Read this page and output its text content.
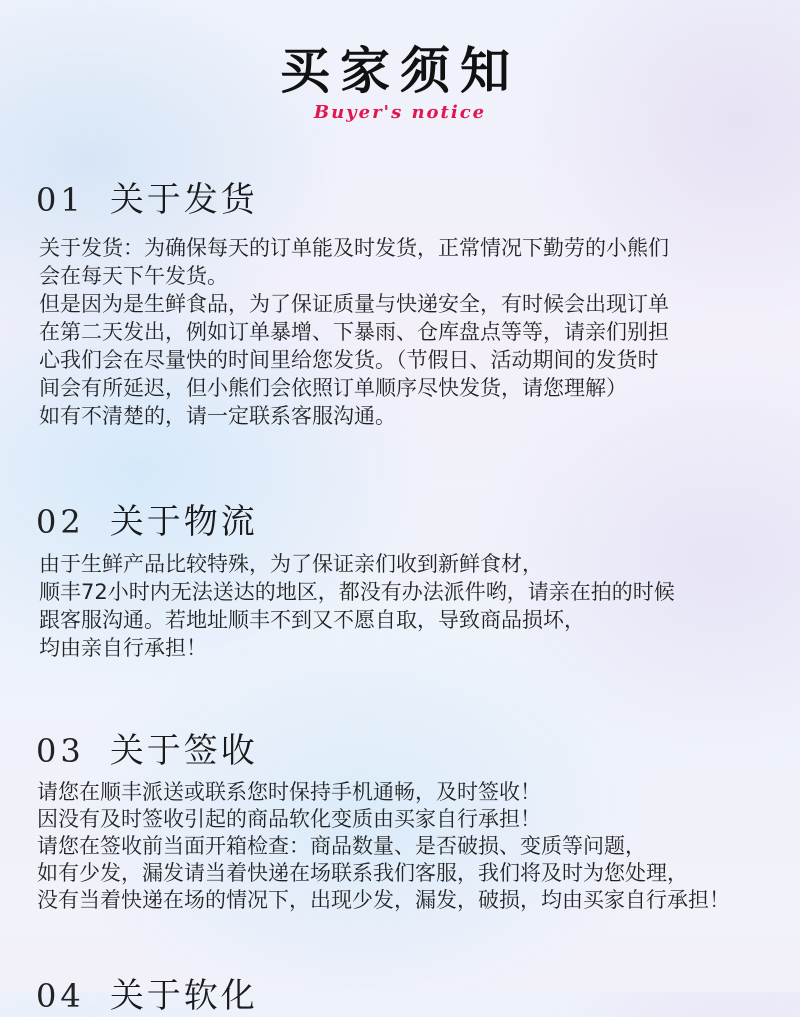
买家须知
Buyer's notice
01 关于发货
关于发货：为确保每天的订单能及时发货，正常情况下勤劳的小熊们
会在每天下午发货。
但是因为是生鲜食品，为了保证质量与快递安全，有时候会出现订单
在第二天发出，例如订单暴增、下暴雨、仓库盘点等等，请亲们别担
心我们会在尽量快的时间里给您发货。（节假日、活动期间的发货时
间会有所延迟，但小熊们会依照订单顺序尽快发货，请您理解）
如有不清楚的，请一定联系客服沟通。
02 关于物流
由于生鲜产品比较特殊，为了保证亲们收到新鲜食材，
顺丰72小时内无法送达的地区，都没有办法派件哟，请亲在拍的时候
跟客服沟通。若地址顺丰不到又不愿自取，导致商品损坏，
均由亲自行承担！
03 关于签收
请您在顺丰派送或联系您时保持手机通畅，及时签收！
因没有及时签收引起的商品软化变质由买家自行承担！
请您在签收前当面开箱检查：商品数量、是否破损、变质等问题，
如有少发，漏发请当着快递在场联系我们客服，我们将及时为您处理，
没有当着快递在场的情况下，出现少发，漏发，破损，均由买家自行承担！
04 关于软化
